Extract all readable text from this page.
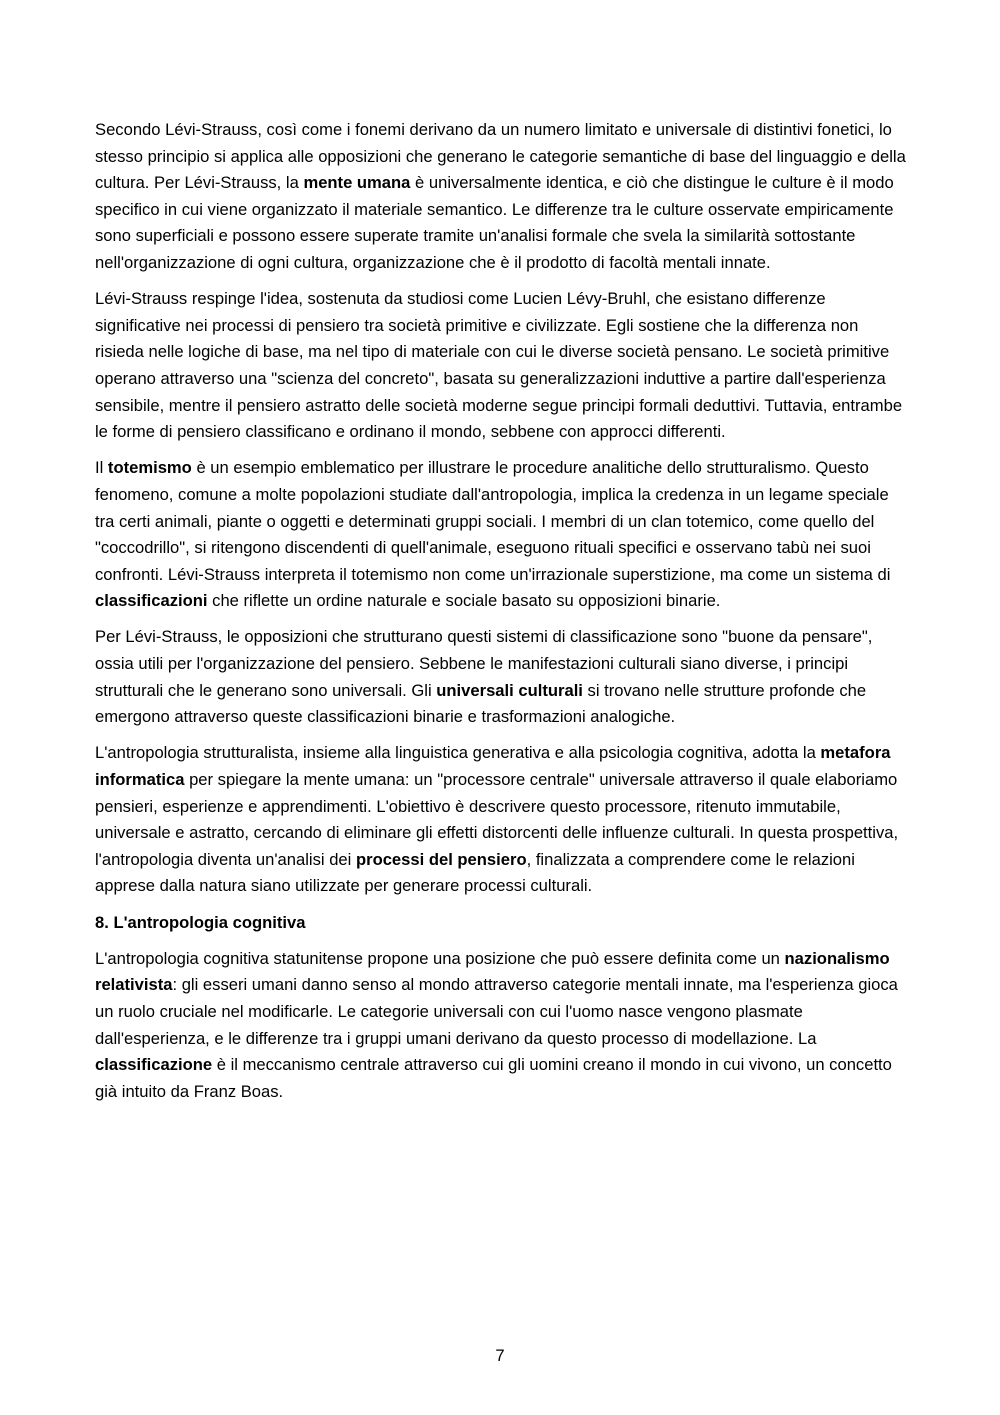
Secondo Lévi-Strauss, così come i fonemi derivano da un numero limitato e universale di distintivi fonetici, lo stesso principio si applica alle opposizioni che generano le categorie semantiche di base del linguaggio e della cultura. Per Lévi-Strauss, la mente umana è universalmente identica, e ciò che distingue le culture è il modo specifico in cui viene organizzato il materiale semantico. Le differenze tra le culture osservate empiricamente sono superficiali e possono essere superate tramite un'analisi formale che svela la similarità sottostante nell'organizzazione di ogni cultura, organizzazione che è il prodotto di facoltà mentali innate.

Lévi-Strauss respinge l'idea, sostenuta da studiosi come Lucien Lévy-Bruhl, che esistano differenze significative nei processi di pensiero tra società primitive e civilizzate. Egli sostiene che la differenza non risieda nelle logiche di base, ma nel tipo di materiale con cui le diverse società pensano. Le società primitive operano attraverso una "scienza del concreto", basata su generalizzazioni induttive a partire dall'esperienza sensibile, mentre il pensiero astratto delle società moderne segue principi formali deduttivi. Tuttavia, entrambe le forme di pensiero classificano e ordinano il mondo, sebbene con approcci differenti.

Il totemismo è un esempio emblematico per illustrare le procedure analitiche dello strutturalismo. Questo fenomeno, comune a molte popolazioni studiate dall'antropologia, implica la credenza in un legame speciale tra certi animali, piante o oggetti e determinati gruppi sociali. I membri di un clan totemico, come quello del "coccodrillo", si ritengono discendenti di quell'animale, eseguono rituali specifici e osservano tabù nei suoi confronti. Lévi-Strauss interpreta il totemismo non come un'irrazionale superstizione, ma come un sistema di classificazioni che riflette un ordine naturale e sociale basato su opposizioni binarie.

Per Lévi-Strauss, le opposizioni che strutturano questi sistemi di classificazione sono "buone da pensare", ossia utili per l'organizzazione del pensiero. Sebbene le manifestazioni culturali siano diverse, i principi strutturali che le generano sono universali. Gli universali culturali si trovano nelle strutture profonde che emergono attraverso queste classificazioni binarie e trasformazioni analogiche.

L'antropologia strutturalista, insieme alla linguistica generativa e alla psicologia cognitiva, adotta la metafora informatica per spiegare la mente umana: un "processore centrale" universale attraverso il quale elaboriamo pensieri, esperienze e apprendimenti. L'obiettivo è descrivere questo processore, ritenuto immutabile, universale e astratto, cercando di eliminare gli effetti distorcenti delle influenze culturali. In questa prospettiva, l'antropologia diventa un'analisi dei processi del pensiero, finalizzata a comprendere come le relazioni apprese dalla natura siano utilizzate per generare processi culturali.

8. L'antropologia cognitiva

L'antropologia cognitiva statunitense propone una posizione che può essere definita come un nazionalismo relativista: gli esseri umani danno senso al mondo attraverso categorie mentali innate, ma l'esperienza gioca un ruolo cruciale nel modificarle. Le categorie universali con cui l'uomo nasce vengono plasmate dall'esperienza, e le differenze tra i gruppi umani derivano da questo processo di modellazione. La classificazione è il meccanismo centrale attraverso cui gli uomini creano il mondo in cui vivono, un concetto già intuito da Franz Boas.

7
